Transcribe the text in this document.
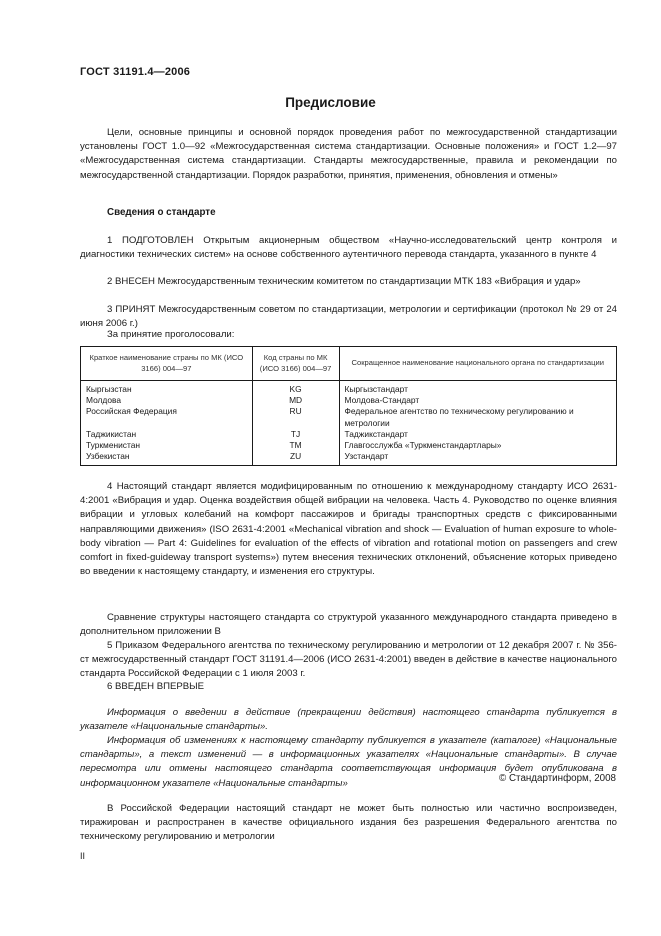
ГОСТ 31191.4—2006
Предисловие
Цели, основные принципы и основной порядок проведения работ по межгосударственной стандартизации установлены ГОСТ 1.0—92 «Межгосударственная система стандартизации. Основные положения» и ГОСТ 1.2—97 «Межгосударственная система стандартизации. Стандарты межгосударственные, правила и рекомендации по межгосударственной стандартизации. Порядок разработки, принятия, применения, обновления и отмены»
Сведения о стандарте
1 ПОДГОТОВЛЕН Открытым акционерным обществом «Научно-исследовательский центр контроля и диагностики технических систем» на основе собственного аутентичного перевода стандарта, указанного в пункте 4
2 ВНЕСЕН Межгосударственным техническим комитетом по стандартизации МТК 183 «Вибрация и удар»
3 ПРИНЯТ Межгосударственным советом по стандартизации, метрологии и сертификации (протокол № 29 от 24 июня 2006 г.)
За принятие проголосовали:
Краткое наименование страны по МК (ИСО 3166) 004—97	Код страны по МК (ИСО 3166) 004—97	Сокращенное наименование национального органа по стандартизации
Кыргызстан	KG	Кыргызстандарт
Молдова	MD	Молдова-Стандарт
Российская Федерация	RU	Федеральное агентство по техническому регулированию и метрологии
Таджикистан	TJ	Таджикстандарт
Туркменистан	TM	Главгосслужба «Туркменстандартлары»
Узбекистан	ZU	Узстандарт
4 Настоящий стандарт является модифицированным по отношению к международному стандарту ИСО 2631-4:2001 «Вибрация и удар. Оценка воздействия общей вибрации на человека. Часть 4. Руководство по оценке влияния вибрации и угловых колебаний на комфорт пассажиров и бригады транспортных средств с фиксированными направляющими движения» (ISO 2631-4:2001 «Mechanical vibration and shock — Evaluation of human exposure to whole-body vibration — Part 4: Guidelines for evaluation of the effects of vibration and rotational motion on passengers and crew comfort in fixed-guideway transport systems») путем внесения технических отклонений, объяснение которых приведено во введении к настоящему стандарту, и изменения его структуры.
Сравнение структуры настоящего стандарта со структурой указанного международного стандарта приведено в дополнительном приложении В
5 Приказом Федерального агентства по техническому регулированию и метрологии от 12 декабря 2007 г. № 356-ст межгосударственный стандарт ГОСТ 31191.4—2006 (ИСО 2631-4:2001) введен в действие в качестве национального стандарта Российской Федерации с 1 июля 2003 г.
6 ВВЕДЕН ВПЕРВЫЕ
Информация о введении в действие (прекращении действия) настоящего стандарта публикуется в указателе «Национальные стандарты».
Информация об изменениях к настоящему стандарту публикуется в указателе (каталоге) «Национальные стандарты», а текст изменений — в информационных указателях «Национальные стандарты». В случае пересмотра или отмены настоящего стандарта соответствующая информация будет опубликована в информационном указателе «Национальные стандарты»	© Стандартинформ, 2008
В Российской Федерации настоящий стандарт не может быть полностью или частично воспроизведен, тиражирован и распространен в качестве официального издания без разрешения Федерального агентства по техническому регулированию и метрологии
II
